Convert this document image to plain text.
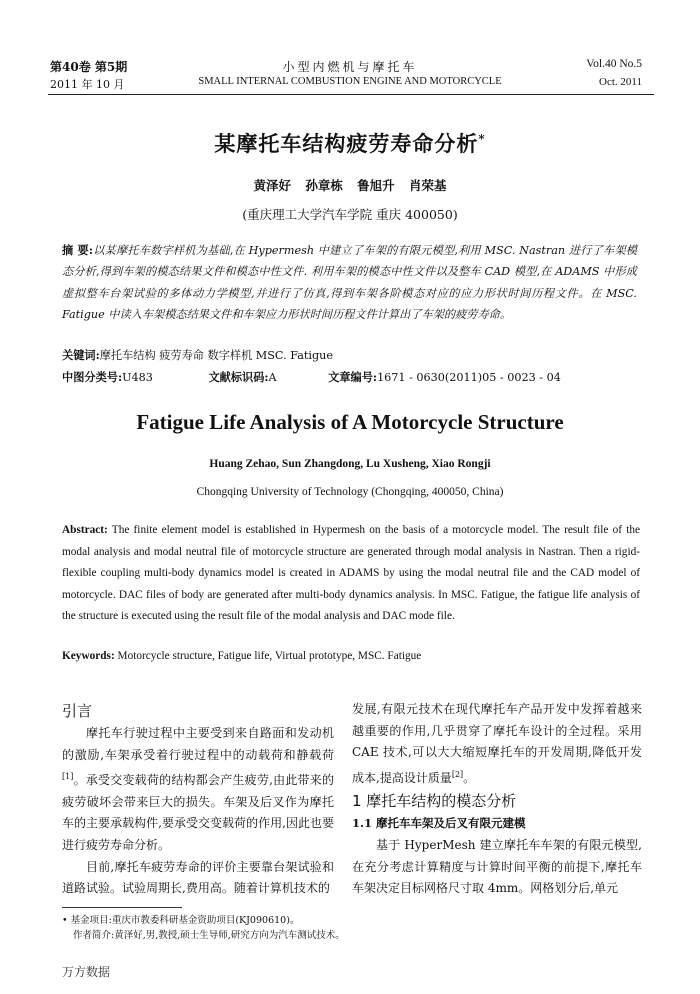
第40卷 第5期
2011 年 10 月
小型内燃机与摩托车
SMALL INTERNAL COMBUSTION ENGINE AND MOTORCYCLE
Vol.40 No.5
Oct. 2011
某摩托车结构疲劳寿命分析*
黄泽好 孙章栋 鲁旭升 肖荣基
(重庆理工大学汽车学院 重庆 400050)
摘 要:以某摩托车数字样机为基础,在 Hypermesh 中建立了车架的有限元模型,利用 MSC. Nastran 进行了车架模态分析,得到车架的模态结果文件和模态中性文件. 利用车架的模态中性文件以及整车 CAD 模型,在 ADAMS 中形成虚拟整车台架试验的多体动力学模型,并进行了仿真,得到车架各阶模态对应的应力形状时间历程文件。在 MSC. Fatigue 中读入车架模态结果文件和车架应力形状时间历程文件计算出了车架的疲劳寿命。
关键词:摩托车结构 疲劳寿命 数字样机 MSC. Fatigue
中图分类号:U483	文献标识码:A	文章编号:1671 - 0630(2011)05 - 0023 - 04
Fatigue Life Analysis of A Motorcycle Structure
Huang Zehao, Sun Zhangdong, Lu Xusheng, Xiao Rongji
Chongqing University of Technology (Chongqing, 400050, China)
Abstract: The finite element model is established in Hypermesh on the basis of a motorcycle model. The result file of the modal analysis and modal neutral file of motorcycle structure are generated through modal analysis in Nastran. Then a rigid-flexible coupling multi-body dynamics model is created in ADAMS by using the modal neutral file and the CAD model of motorcycle. DAC files of body are generated after multi-body dynamics analysis. In MSC. Fatigue, the fatigue life analysis of the structure is executed using the result file of the modal analysis and DAC mode file.
Keywords: Motorcycle structure, Fatigue life, Virtual prototype, MSC. Fatigue
引言

摩托车行驶过程中主要受到来自路面和发动机的激励,车架承受着行驶过程中的动载荷和静载荷[1]。承受交变载荷的结构都会产生疲劳,由此带来的疲劳破坏会带来巨大的损失。车架及后叉作为摩托车的主要承载构件,要承受交变载荷的作用,因此也要进行疲劳寿命分析。

目前,摩托车疲劳寿命的评价主要靠台架试验和道路试验。试验周期长,费用高。随着计算机技术的

发展,有限元技术在现代摩托车产品开发中发挥着越来越重要的作用,几乎贯穿了摩托车设计的全过程。采用 CAE 技术,可以大大缩短摩托车的开发周期,降低开发成本,提高设计质量[2]。

1 摩托车结构的模态分析
1.1 摩托车车架及后叉有限元建模

基于 HyperMesh 建立摩托车车架的有限元模型,在充分考虑计算精度与计算时间平衡的前提下,摩托车车架决定目标网格尺寸取 4mm。网格划分后,单元

• 基金项目:重庆市教委科研基金资助项目(KJ090610)。
作者简介:黄泽好,男,教授,硕士生导师,研究方向为汽车测试技术。
万方数据
